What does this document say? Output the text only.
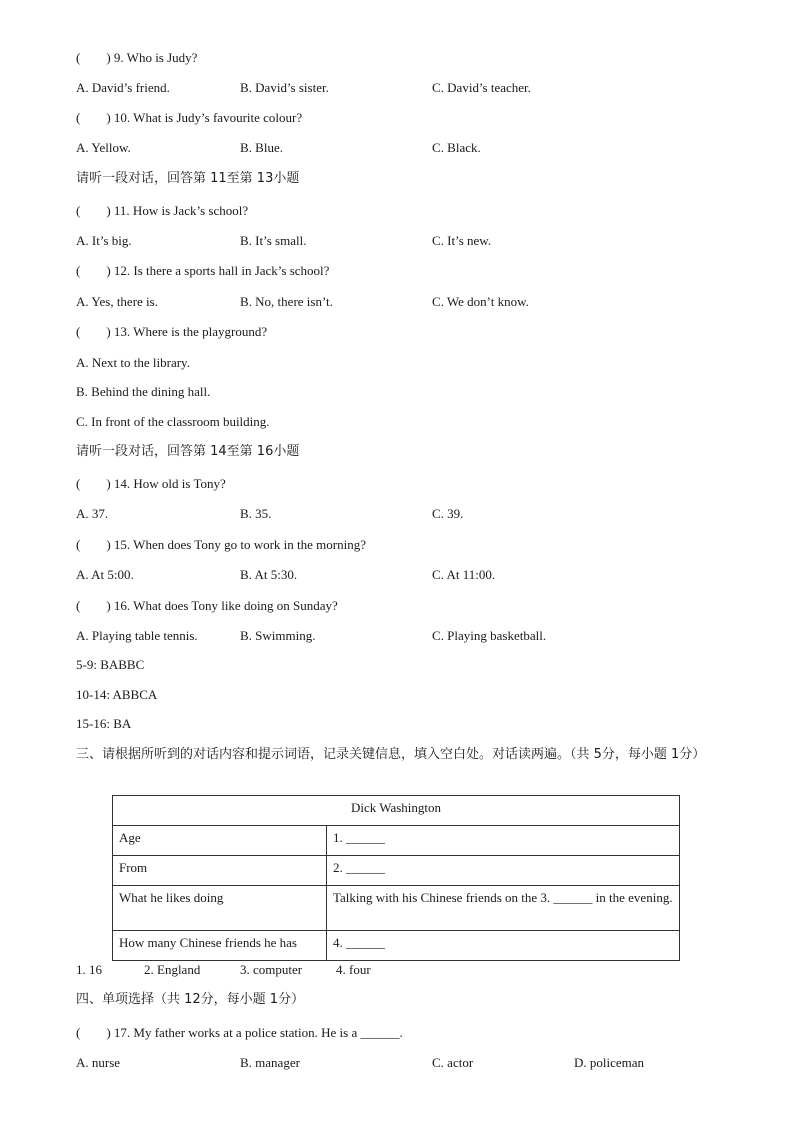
(　　) 9. Who is Judy?
A. David’s friend.	B. David’s sister.	C. David’s teacher.
(　　) 10. What is Judy’s favourite colour?
A. Yellow.	B. Blue.	C. Black.
请听一段对话，回答第 11至第 13小题
(　　) 11. How is Jack’s school?
A. It’s big.	B. It’s small.	C. It’s new.
(　　) 12. Is there a sports hall in Jack’s school?
A. Yes, there is.	B. No, there isn’t.	C. We don’t know.
(　　) 13. Where is the playground?
A. Next to the library.
B. Behind the dining hall.
C. In front of the classroom building.
请听一段对话，回答第 14至第 16小题
(　　) 14. How old is Tony?
A. 37.	B. 35.	C. 39.
(　　) 15. When does Tony go to work in the morning?
A. At 5:00.	B. At 5:30.	C. At 11:00.
(　　) 16. What does Tony like doing on Sunday?
A. Playing table tennis.	B. Swimming.	C. Playing basketball.
5-9: BABBC
10-14: ABBCA
15-16: BA
三、请根据所听到的对话内容和提示词语，记录关键信息，填入空白处。对话读两遍。（共 5分，每小题 1分）
Dick Washington	
Age	1. ______
From	2. ______
What he likes doing	Talking with his Chinese friends on the 3. ______ in the evening.
How many Chinese friends he has	4. ______
1. 16	2. England	3. computer	4. four
四、单项选择（共 12分，每小题 1分）
(　　) 17. My father works at a police station. He is a ______.
A. nurse	B. manager	C. actor	D. policeman
